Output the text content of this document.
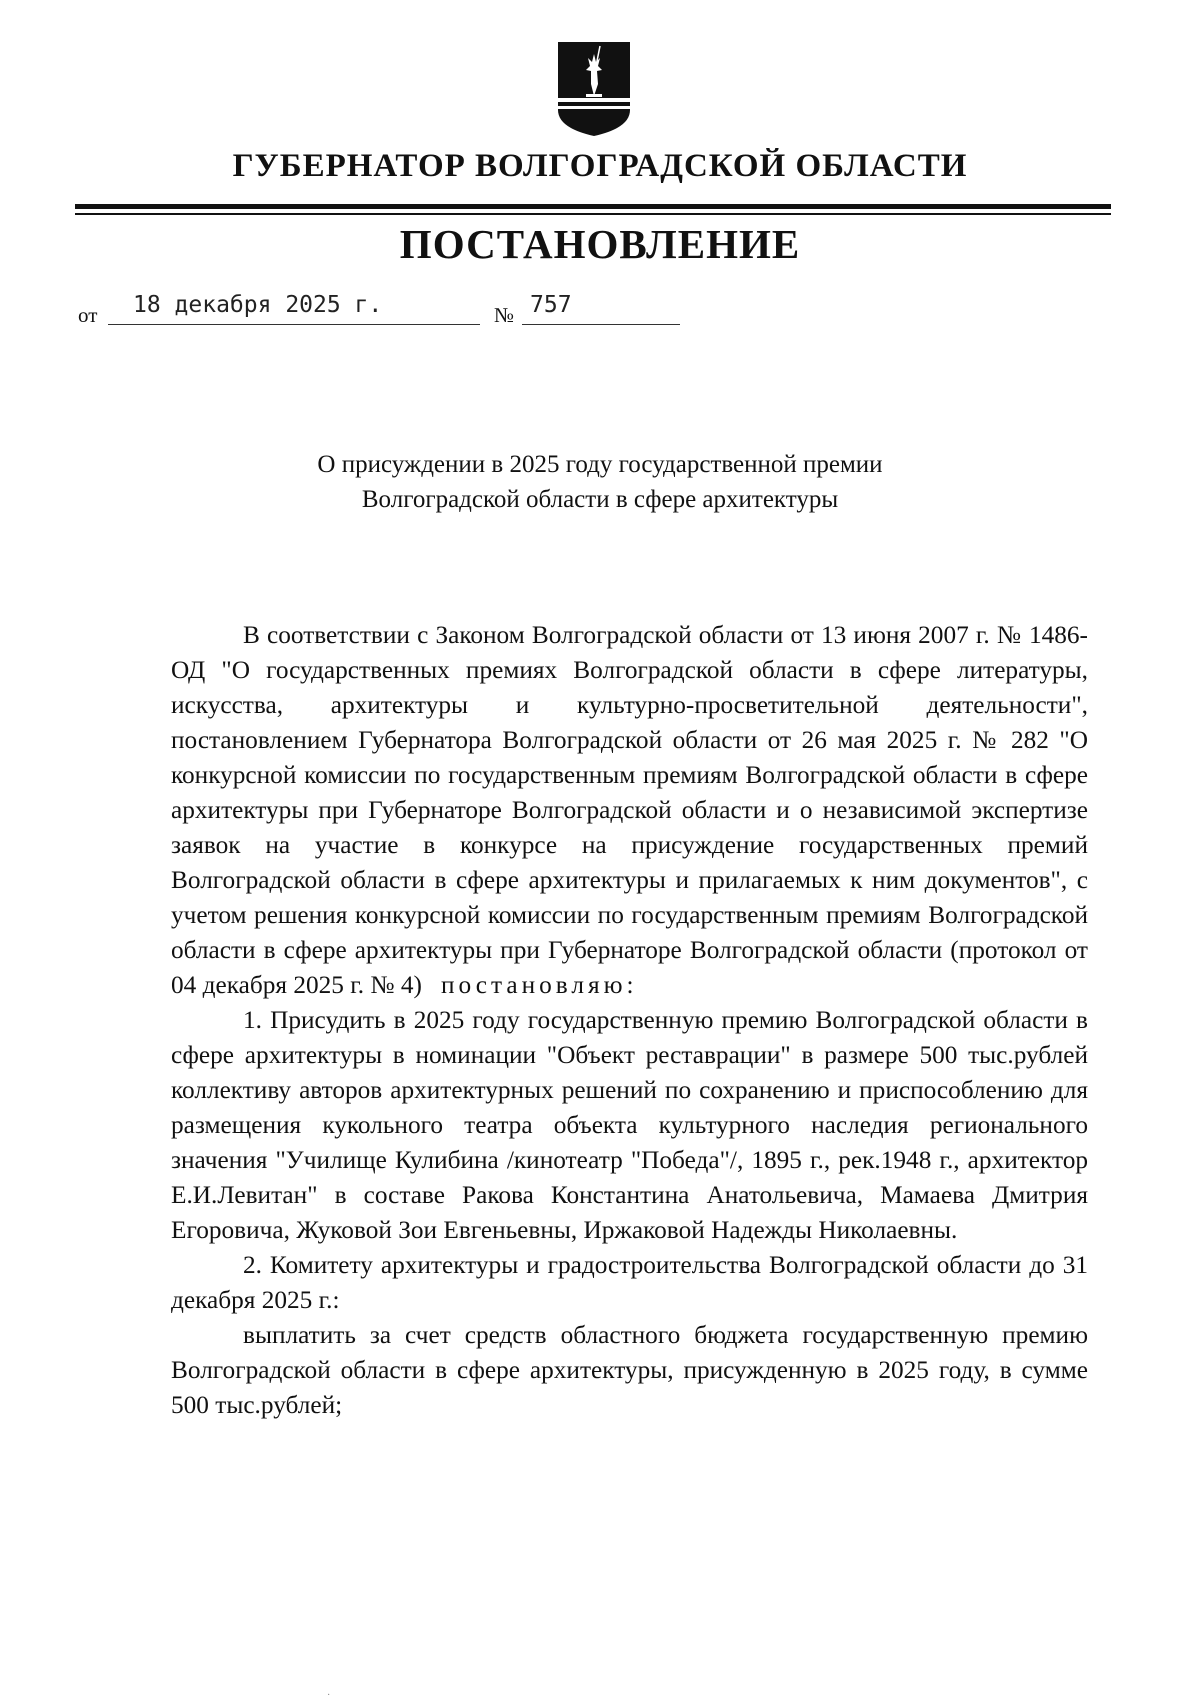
ГУБЕРНАТОР ВОЛГОГРАДСКОЙ ОБЛАСТИ
ПОСТАНОВЛЕНИЕ
от 18 декабря 2025 г.	№ 757
О присуждении в 2025 году государственной премии
Волгоградской области в сфере архитектуры

В соответствии с Законом Волгоградской области от 13 июня 2007 г. № 1486-ОД "О государственных премиях Волгоградской области в сфере литературы, искусства, архитектуры и культурно-просветительной деятельности", постановлением Губернатора Волгоградской области от 26 мая 2025 г. № 282 "О конкурсной комиссии по государственным премиям Волгоградской области в сфере архитектуры при Губернаторе Волгоградской области и о независимой экспертизе заявок на участие в конкурсе на присуждение государственных премий Волгоградской области в сфере архитектуры и прилагаемых к ним документов", с учетом решения конкурсной комиссии по государственным премиям Волгоградской области в сфере архитектуры при Губернаторе Волгоградской области (протокол от 04 декабря 2025 г. № 4) постановляю:

1. Присудить в 2025 году государственную премию Волгоградской области в сфере архитектуры в номинации "Объект реставрации" в размере 500 тыс.рублей коллективу авторов архитектурных решений по сохранению и приспособлению для размещения кукольного театра объекта культурного наследия регионального значения "Училище Кулибина /кинотеатр "Победа"/, 1895 г., рек.1948 г., архитектор Е.И.Левитан" в составе Ракова Константина Анатольевича, Мамаева Дмитрия Егоровича, Жуковой Зои Евгеньевны, Иржаковой Надежды Николаевны.

2. Комитету архитектуры и градостроительства Волгоградской области до 31 декабря 2025 г.:

выплатить за счет средств областного бюджета государственную премию Волгоградской области в сфере архитектуры, присужденную в 2025 году, в сумме 500 тыс.рублей;

·
